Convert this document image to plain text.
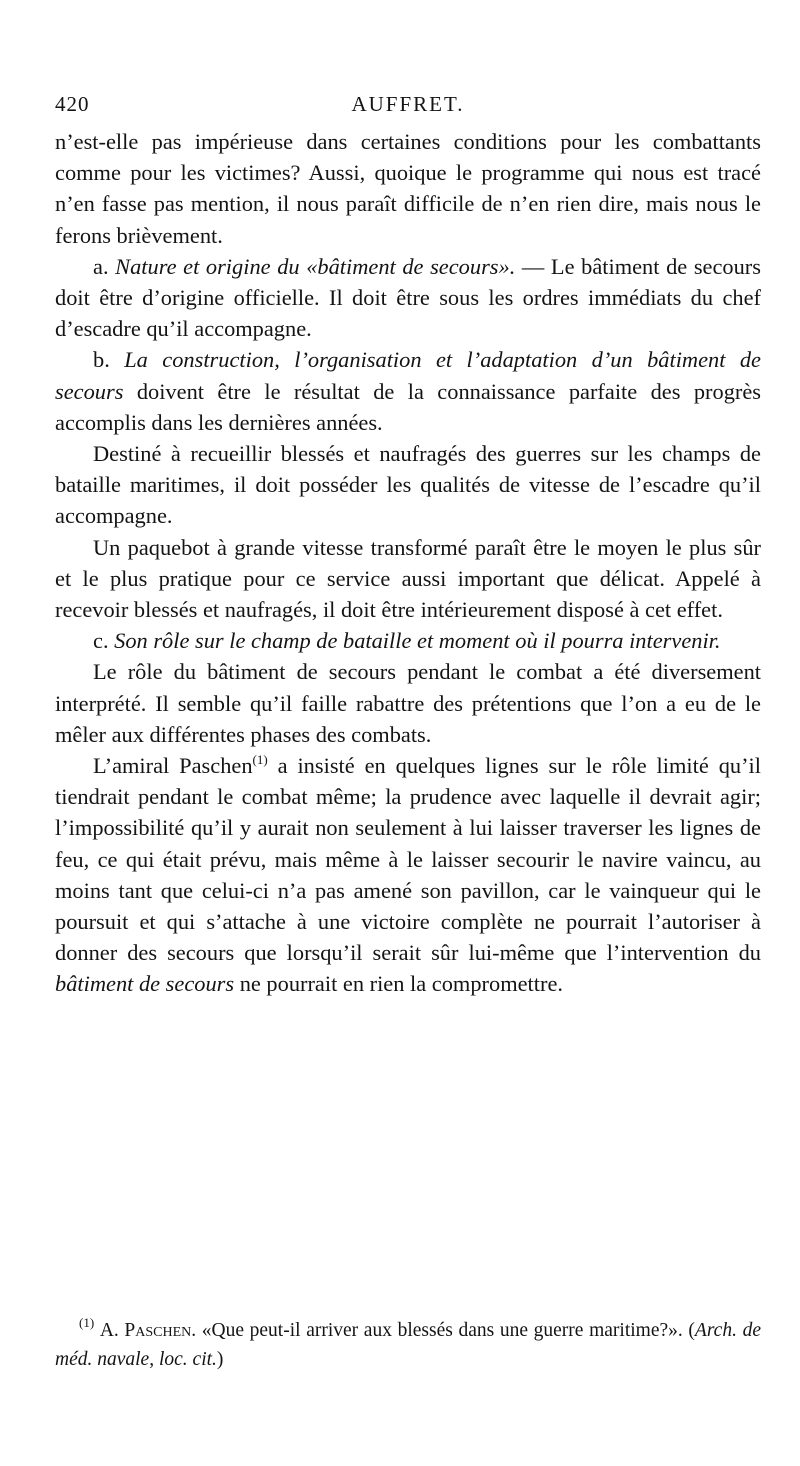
420	AUFFRET.

n’est-elle pas impérieuse dans certaines conditions pour les combattants comme pour les victimes? Aussi, quoique le programme qui nous est tracé n’en fasse pas mention, il nous paraît difficile de n’en rien dire, mais nous le ferons brièvement.

a. Nature et origine du «bâtiment de secours». — Le bâtiment de secours doit être d’origine officielle. Il doit être sous les ordres immédiats du chef d’escadre qu’il accompagne.

b. La construction, l’organisation et l’adaptation d’un bâtiment de secours doivent être le résultat de la connaissance parfaite des progrès accomplis dans les dernières années.

Destiné à recueillir blessés et naufragés des guerres sur les champs de bataille maritimes, il doit posséder les qualités de vitesse de l’escadre qu’il accompagne.

Un paquebot à grande vitesse transformé paraît être le moyen le plus sûr et le plus pratique pour ce service aussi important que délicat. Appelé à recevoir blessés et naufragés, il doit être intérieurement disposé à cet effet.

c. Son rôle sur le champ de bataille et moment où il pourra intervenir.

Le rôle du bâtiment de secours pendant le combat a été diversement interprété. Il semble qu’il faille rabattre des prétentions que l’on a eu de le mêler aux différentes phases des combats.

L’amiral Paschen$^{(1)}$ a insisté en quelques lignes sur le rôle limité qu’il tiendrait pendant le combat même; la prudence avec laquelle il devrait agir; l’impossibilité qu’il y aurait non seulement à lui laisser traverser les lignes de feu, ce qui était prévu, mais même à le laisser secourir le navire vaincu, au moins tant que celui-ci n’a pas amené son pavillon, car le vainqueur qui le poursuit et qui s’attache à une victoire complète ne pourrait l’autoriser à donner des secours que lorsqu’il serait sûr lui-même que l’intervention du bâtiment de secours ne pourrait en rien la compromettre.

$^{(1)}$ A. Paschen. «Que peut-il arriver aux blessés dans une guerre maritime?». (Arch. de méd. navale, loc. cit.)
